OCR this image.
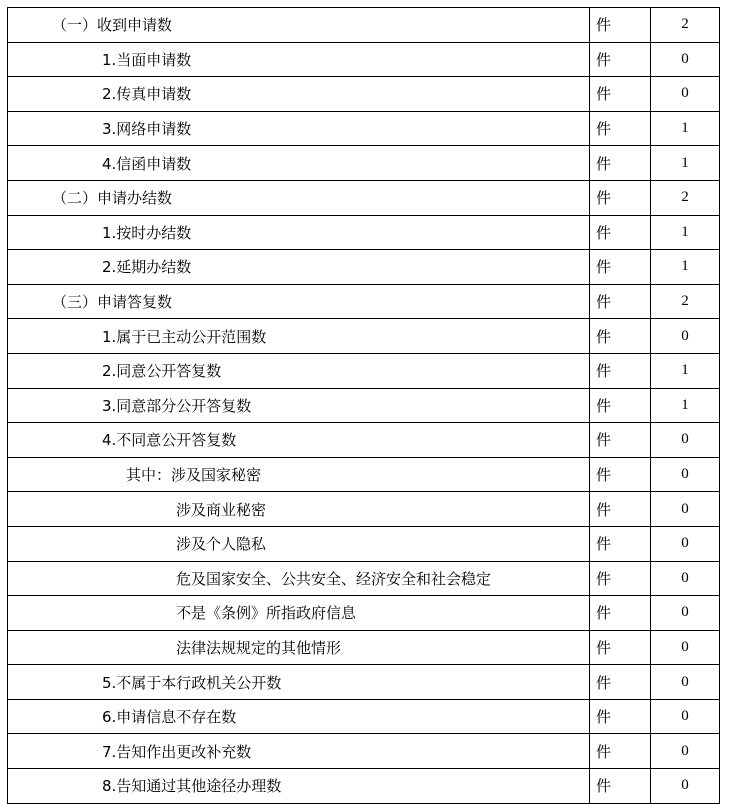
（一）收到申请数	件	2
1.当面申请数	件	0
2.传真申请数	件	0
3.网络申请数	件	1
4.信函申请数	件	1
（二）申请办结数	件	2
1.按时办结数	件	1
2.延期办结数	件	1
（三）申请答复数	件	2
1.属于已主动公开范围数	件	0
2.同意公开答复数	件	1
3.同意部分公开答复数	件	1
4.不同意公开答复数	件	0
其中：涉及国家秘密	件	0
涉及商业秘密	件	0
涉及个人隐私	件	0
危及国家安全、公共安全、经济安全和社会稳定	件	0
不是《条例》所指政府信息	件	0
法律法规规定的其他情形	件	0
5.不属于本行政机关公开数	件	0
6.申请信息不存在数	件	0
7.告知作出更改补充数	件	0
8.告知通过其他途径办理数	件	0
